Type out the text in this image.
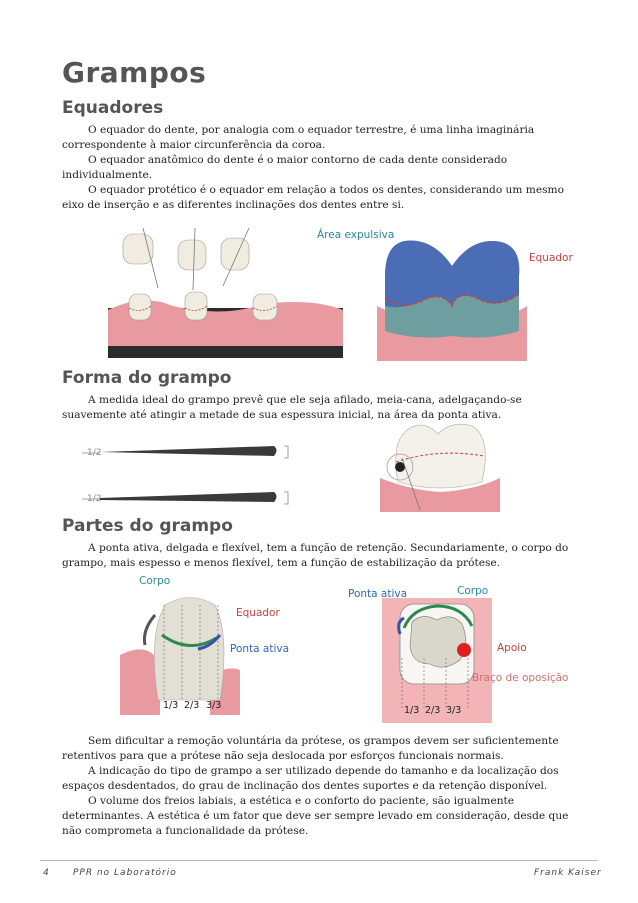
Grampos
Equadores

O equador do dente, por analogia com o equador terrestre, é uma linha imaginária correspondente à maior circunferência da coroa.

O equador anatômico do dente é o maior contorno de cada dente considerado individualmente.

O equador protético é o equador em relação a todos os dentes, considerando um mesmo eixo de inserção e as diferentes inclinações dos dentes entre si.

Área expulsiva
Equador
Forma do grampo

A medida ideal do grampo prevê que ele seja afilado, meia-cana, adelgaçando-se suavemente até atingir a metade de sua espessura inicial, na área da ponta ativa.

1/2
1/2
Partes do grampo

A ponta ativa, delgada e flexível, tem a função de retenção. Secundariamente, o corpo do grampo, mais espesso e menos flexível, tem a função de estabilização da prótese.

Corpo
Equador
Ponta ativa
1/3 2/3 3/3
Ponta ativa	Corpo
Apoio
Braço de oposição
1/3 2/3 3/3

Sem dificultar a remoção voluntária da prótese, os grampos devem ser suficientemente retentivos para que a prótese não seja deslocada por esforços funcionais normais.

A indicação do tipo de grampo a ser utilizado depende do tamanho e da localização dos espaços desdentados, do grau de inclinação dos dentes suportes e da retenção disponível.

O volume dos freios labiais, a estética e o conforto do paciente, são igualmente determinantes. A estética é um fator que deve ser sempre levado em consideração, desde que não comprometa a funcionalidade da prótese.

4	PPR no Laboratório	Frank Kaiser
